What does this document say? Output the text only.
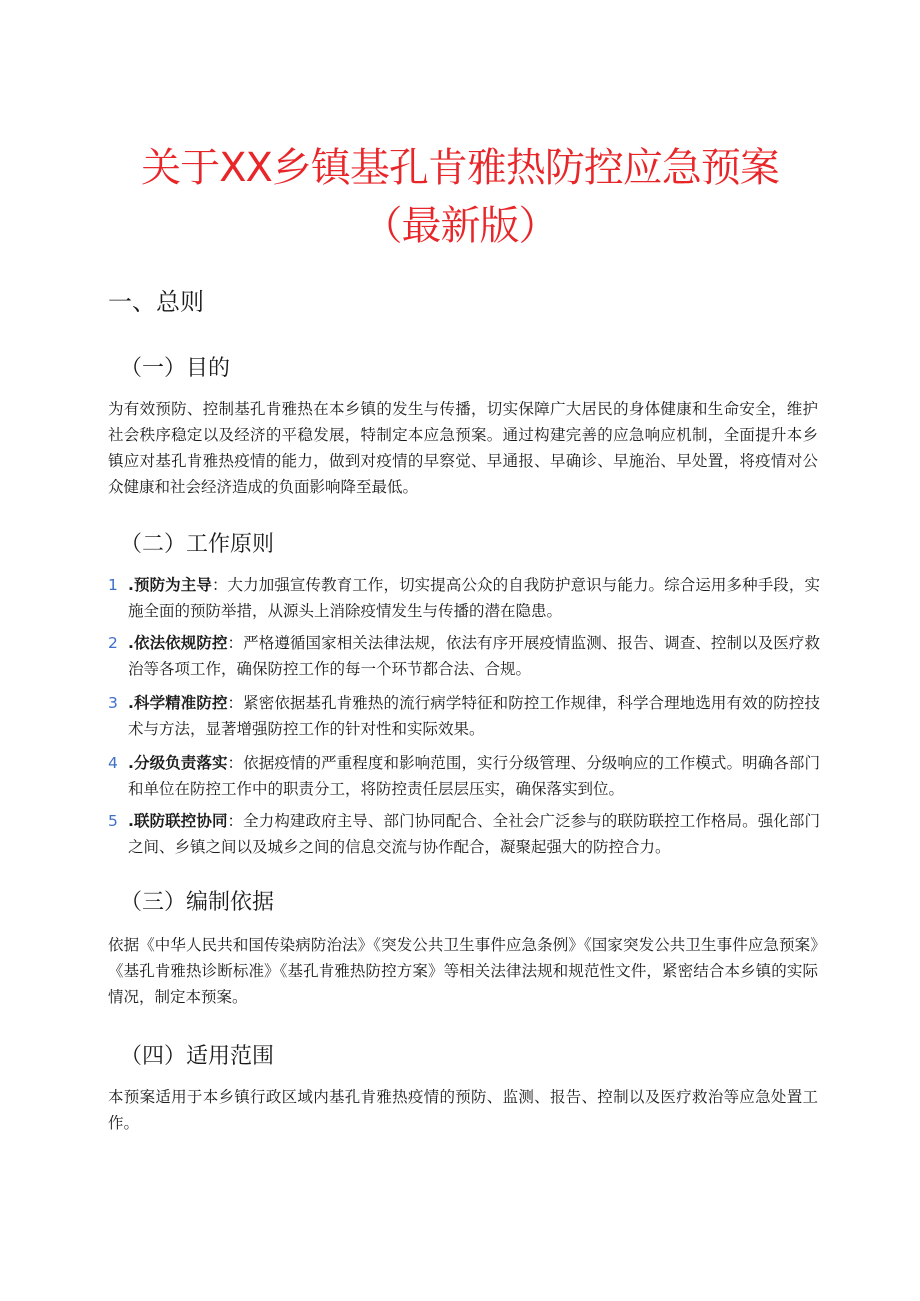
关于XX乡镇基孔肯雅热防控应急预案
（最新版）
一、总则
（一）目的

为有效预防、控制基孔肯雅热在本乡镇的发生与传播，切实保障广大居民的身体健康和生命安全，维护社会秩序稳定以及经济的平稳发展，特制定本应急预案。通过构建完善的应急响应机制，全面提升本乡镇应对基孔肯雅热疫情的能力，做到对疫情的早察觉、早通报、早确诊、早施治、早处置，将疫情对公众健康和社会经济造成的负面影响降至最低。

（二）工作原则
1 .预防为主导：大力加强宣传教育工作，切实提高公众的自我防护意识与能力。综合运用多种手段，实施全面的预防举措，从源头上消除疫情发生与传播的潜在隐患。

2 .依法依规防控：严格遵循国家相关法律法规，依法有序开展疫情监测、报告、调查、控制以及医疗救治等各项工作，确保防控工作的每一个环节都合法、合规。

3 .科学精准防控：紧密依据基孔肯雅热的流行病学特征和防控工作规律，科学合理地选用有效的防控技术与方法，显著增强防控工作的针对性和实际效果。

4 .分级负责落实：依据疫情的严重程度和影响范围，实行分级管理、分级响应的工作模式。明确各部门和单位在防控工作中的职责分工，将防控责任层层压实，确保落实到位。

5 .联防联控协同：全力构建政府主导、部门协同配合、全社会广泛参与的联防联控工作格局。强化部门之间、乡镇之间以及城乡之间的信息交流与协作配合，凝聚起强大的防控合力。

（三）编制依据

依据《中华人民共和国传染病防治法》《突发公共卫生事件应急条例》《国家突发公共卫生事件应急预案》《基孔肯雅热诊断标准》《基孔肯雅热防控方案》等相关法律法规和规范性文件，紧密结合本乡镇的实际情况，制定本预案。

（四）适用范围

本预案适用于本乡镇行政区域内基孔肯雅热疫情的预防、监测、报告、控制以及医疗救治等应急处置工作。
